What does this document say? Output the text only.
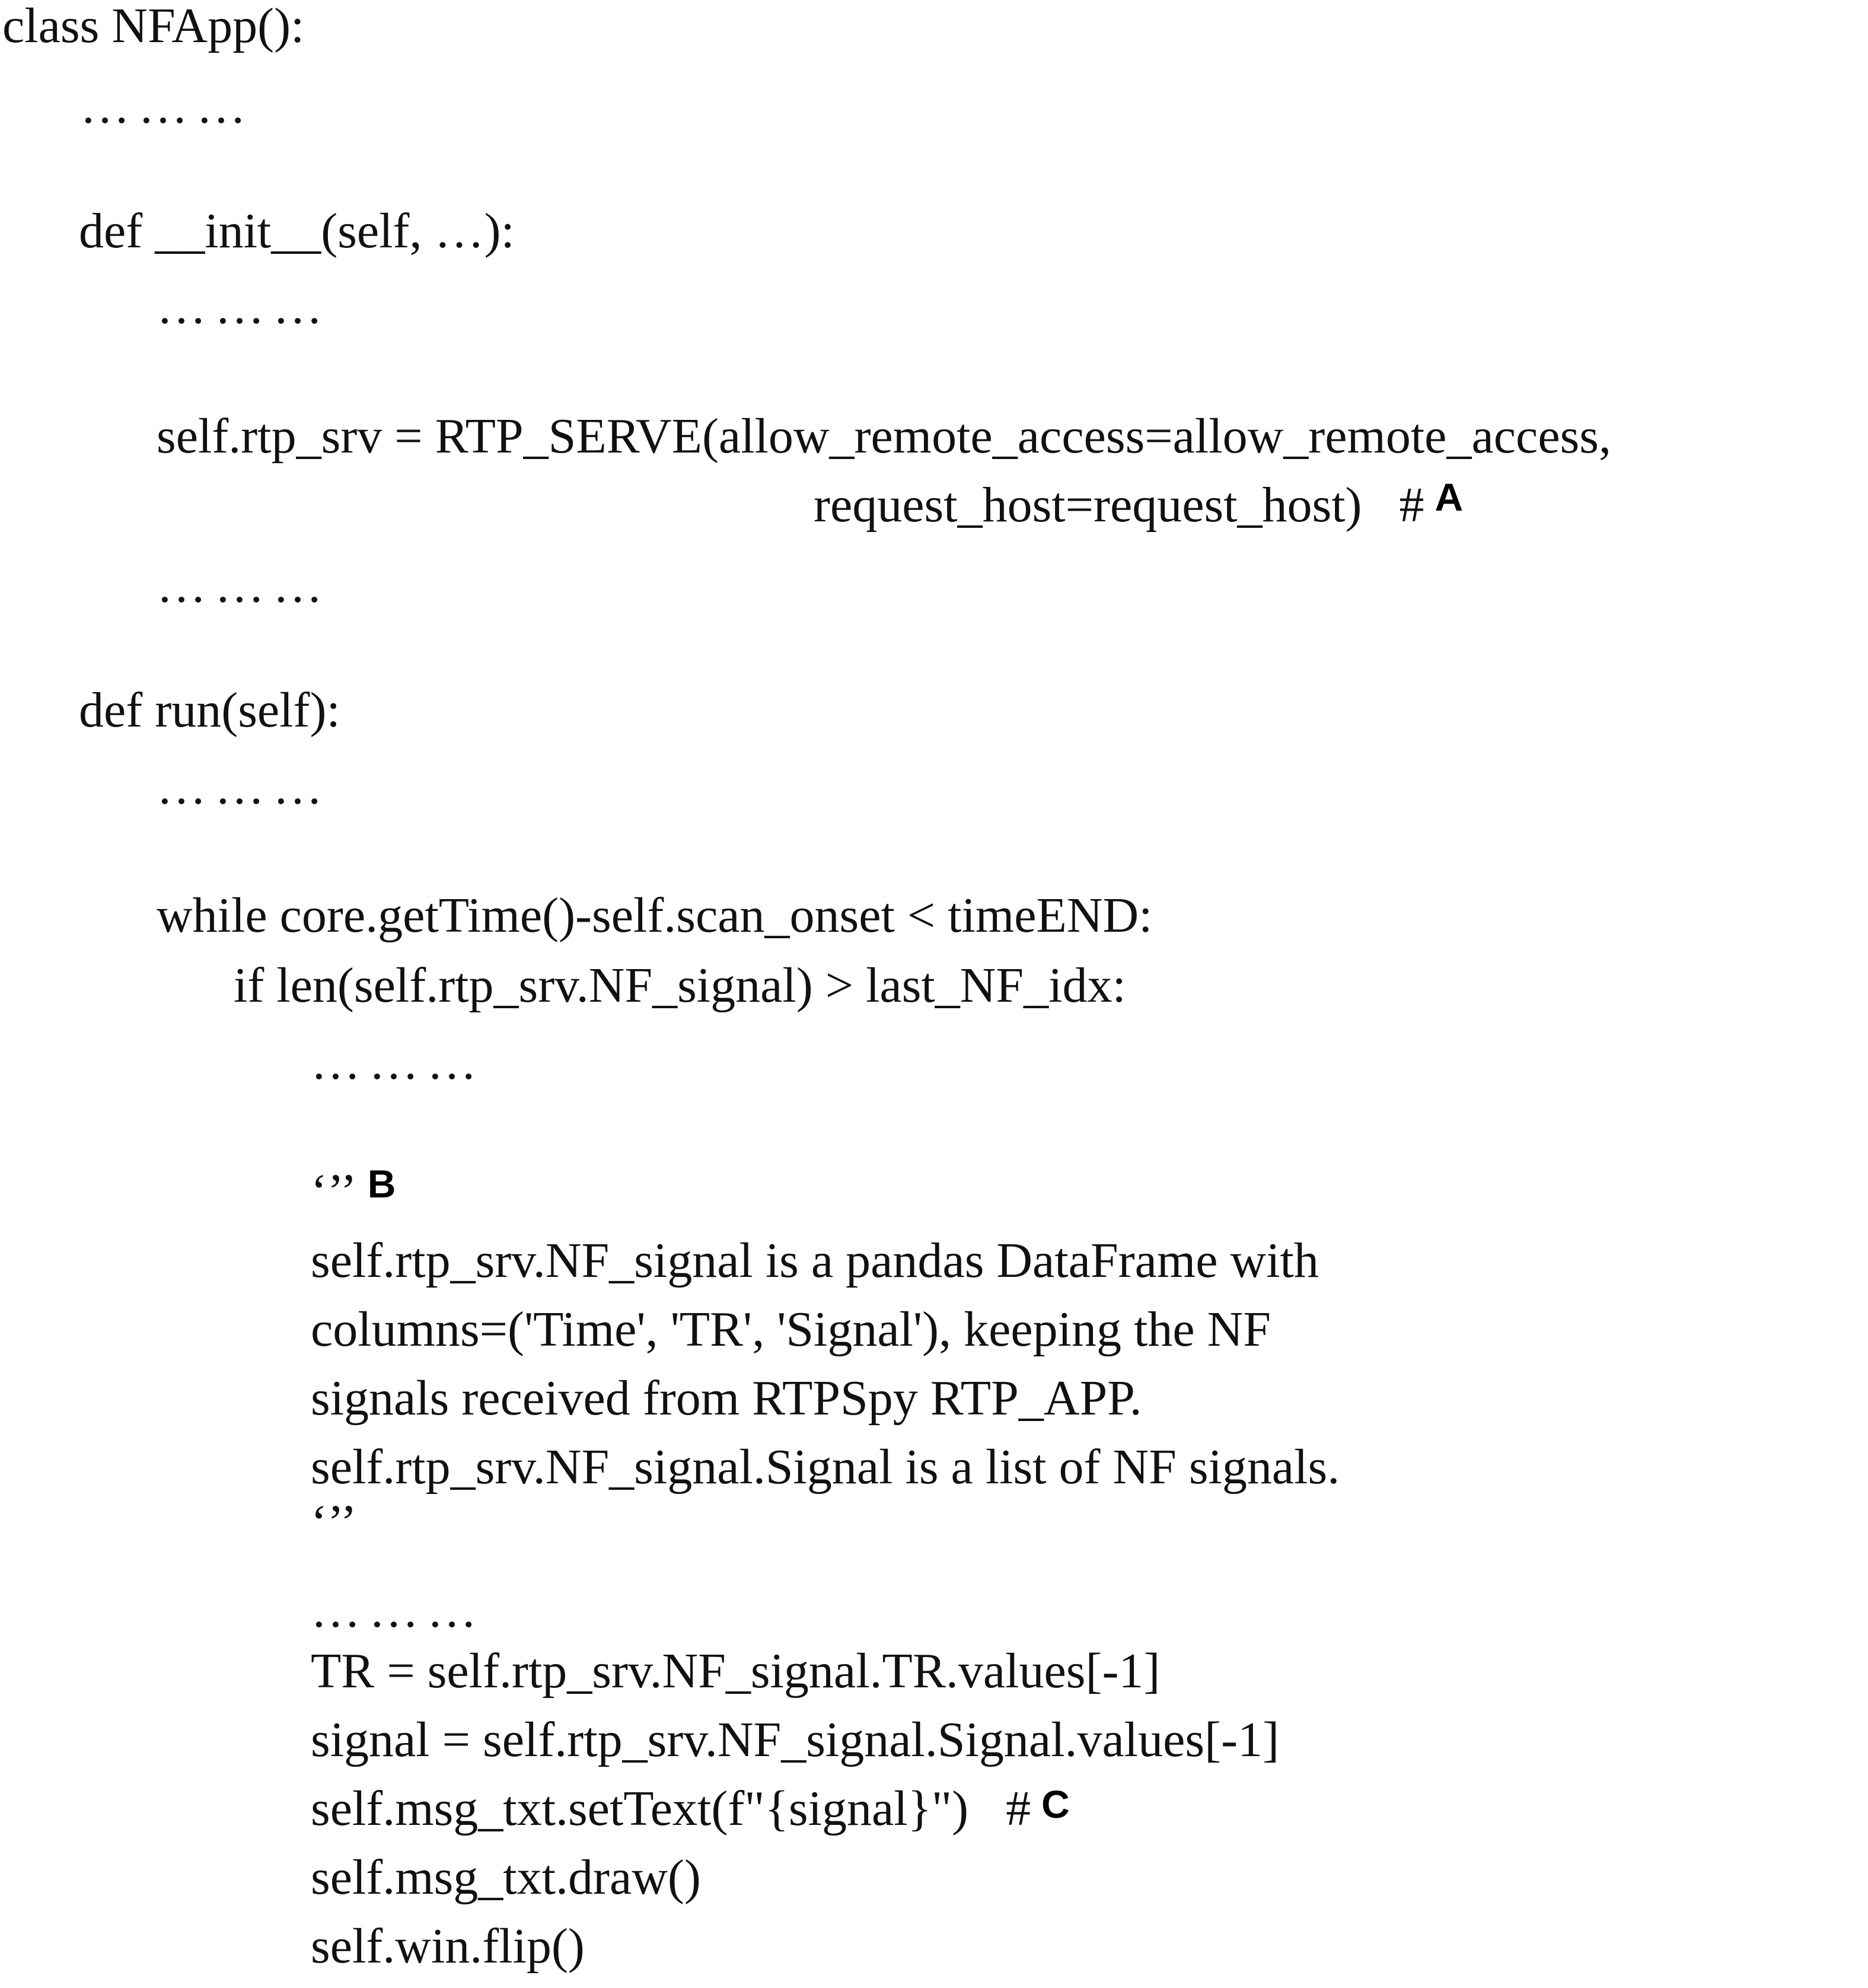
class NFApp():
………
def __init__(self, …):
………
self.rtp_srv = RTP_SERVE(allow_remote_access=allow_remote_access,
request_host=request_host)   # $^A$
………
def run(self):
………
while core.getTime()-self.scan_onset < timeEND:
if len(self.rtp_srv.NF_signal) > last_NF_idx:
………
‘’’ $^B$
self.rtp_srv.NF_signal is a pandas DataFrame with
columns=('Time', 'TR', 'Signal'), keeping the NF
signals received from RTPSpy RTP_APP.
self.rtp_srv.NF_signal.Signal is a list of NF signals.
‘’’
………
TR = self.rtp_srv.NF_signal.TR.values[-1]
signal = self.rtp_srv.NF_signal.Signal.values[-1]
self.msg_txt.setText(f"{signal}")   # C
self.msg_txt.draw()
self.win.flip()
